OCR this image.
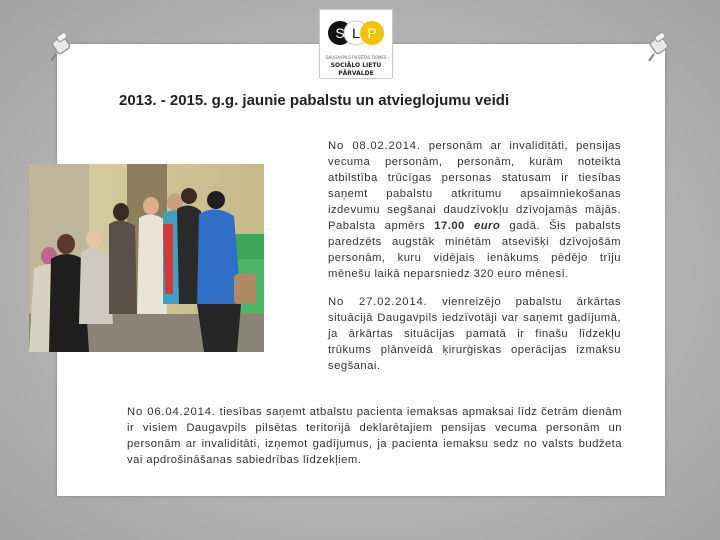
S L P
DAUGAVPILS PILSĒTAS DOMES
SOCIĀLO LIETU
PĀRVALDE
2013. - 2015. g.g. jaunie pabalstu un atvieglojumu veidi
No 08.02.2014. personām ar invaliditāti, pensijas vecuma personām, personām, kurām noteikta atbilstība trūcīgas personas statusam ir tiesības saņemt pabalstu atkritumu apsaimniekošanas izdevumu segšanai daudzīvokļu dzīvojamās mājās. Pabalsta apmērs 17.00 euro gadā. Šis pabalsts paredzēts augstāk minētām atsevišķi dzīvojošām personām, kuru vidējais ienākums pēdējo trīju mēnešu laikā neparsniedz 320 euro mēnesī.
No 27.02.2014. vienreizējo pabalstu ārkārtas situācijā Daugavpils iedzīvotāji var saņemt gadījumā, ja ārkārtas situācijas pamatā ir finašu līdzekļu trūkums plānveidā ķirurģiskas operācijas izmaksu segšanai.
No 06.04.2014. tiesības saņemt atbalstu pacienta iemaksas apmaksai līdz četrām dienām ir visiem Daugavpils pilsētas teritorijā deklarētajiem pensijas vecuma personām un personām ar invaliditāti, izņemot gadījumus, ja pacienta iemaksu sedz no valsts budžeta vai apdrošināšanas sabiedrības līdzekļiem.
